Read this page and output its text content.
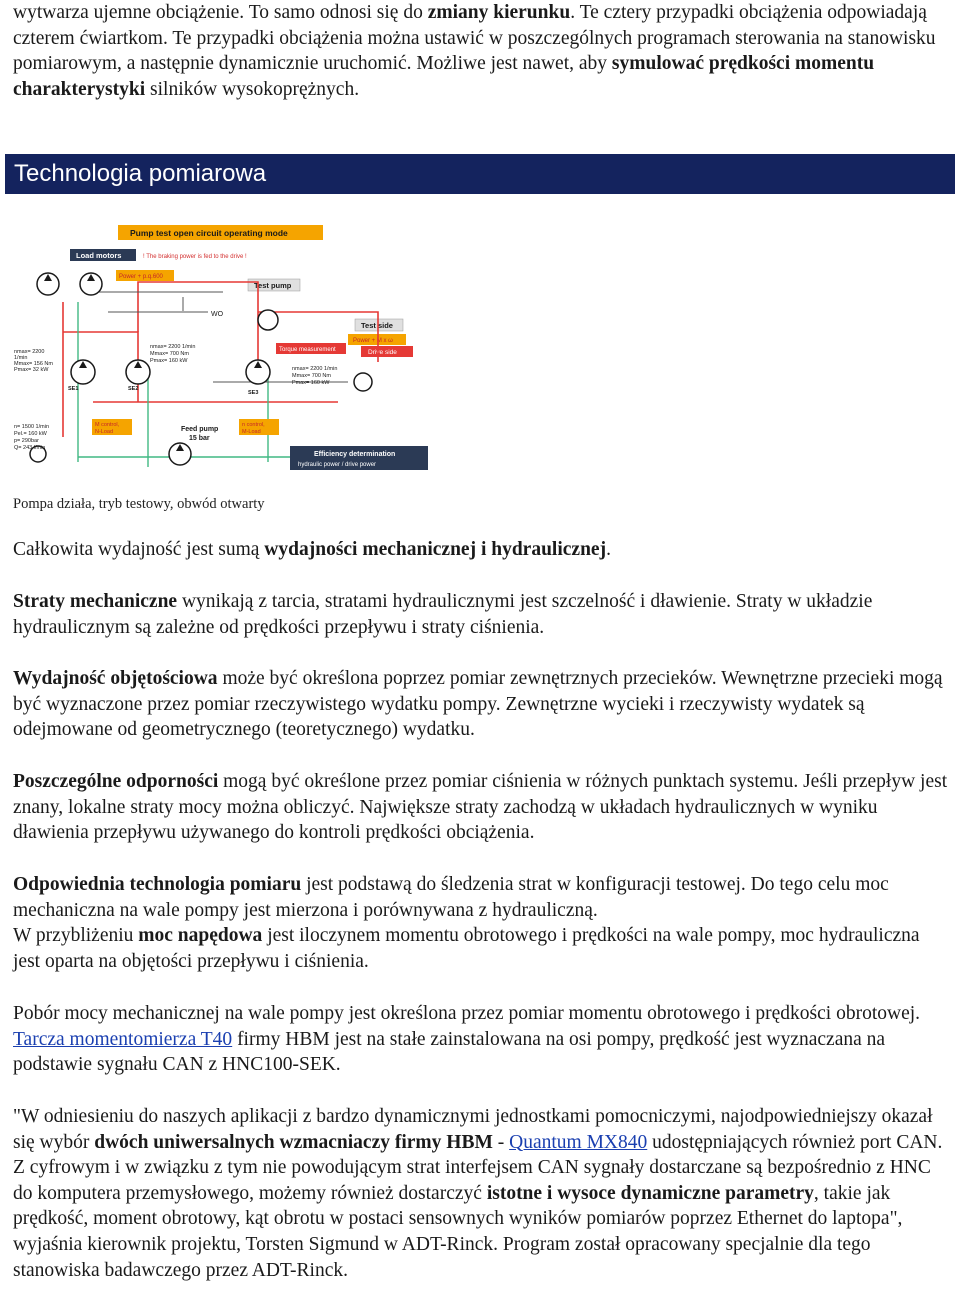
wytwarza ujemne obciążenie. To samo odnosi się do zmiany kierunku. Te cztery przypadki obciążenia odpowiadają czterem ćwiartkom. Te przypadki obciążenia można ustawić w poszczególnych programach sterowania na stanowisku pomiarowym, a następnie dynamicznie uruchomić. Możliwe jest nawet, aby symulować prędkości momentu charakterystyki silników wysokoprężnych.

Technologia pomiarowa
Pump test open circuit operating mode
Load motors	! The braking power is fed to the drive !
Power + p.q.600
Test pump
Test side
Torque measurement
Power + M x ω
Drive side
WO
nmax= 2200
1/min
Mmax= 156 Nm
Pmax= 32 kW
nmax= 2200 1/min
Mmax= 700 Nm
Pmax= 160 kW
nmax= 2200 1/min
Mmax= 700 Nm
Pmax= 160 kW
SE1	SE2
SE3
n= 1500 1/min
Pel.= 160 kW
p= 290bar
Q= 243 l/min
M control,
N-Load	Feed pump
15 bar
n control,
M-Load
Efficiency determination
hydraulic power / drive power
Pompa działa, tryb testowy, obwód otwarty

Całkowita wydajność jest sumą wydajności mechanicznej i hydraulicznej.

Straty mechaniczne wynikają z tarcia, stratami hydraulicznymi jest szczelność i dławienie. Straty w układzie hydraulicznym są zależne od prędkości przepływu i straty ciśnienia.

Wydajność objętościowa może być określona poprzez pomiar zewnętrznych przecieków. Wewnętrzne przecieki mogą być wyznaczone przez pomiar rzeczywistego wydatku pompy. Zewnętrzne wycieki i rzeczywisty wydatek są odejmowane od geometrycznego (teoretycznego) wydatku.

Poszczególne odporności mogą być określone przez pomiar ciśnienia w różnych punktach systemu. Jeśli przepływ jest znany, lokalne straty mocy można obliczyć. Największe straty zachodzą w układach hydraulicznych w wyniku dławienia przepływu używanego do kontroli prędkości obciążenia.

Odpowiednia technologia pomiaru jest podstawą do śledzenia strat w konfiguracji testowej. Do tego celu moc mechaniczna na wale pompy jest mierzona i porównywana z hydrauliczną.
W przybliżeniu moc napędowa jest iloczynem momentu obrotowego i prędkości na wale pompy, moc hydrauliczna jest oparta na objętości przepływu i ciśnienia.

Pobór mocy mechanicznej na wale pompy jest określona przez pomiar momentu obrotowego i prędkości obrotowej. Tarcza momentomierza T40 firmy HBM jest na stałe zainstalowana na osi pompy, prędkość jest wyznaczana na podstawie sygnału CAN z HNC100-SEK.

"W odniesieniu do naszych aplikacji z bardzo dynamicznymi jednostkami pomocniczymi, najodpowiedniejszy okazał się wybór dwóch uniwersalnych wzmacniaczy firmy HBM - Quantum MX840 udostępniających również port CAN. Z cyfrowym i w związku z tym nie powodującym strat interfejsem CAN sygnały dostarczane są bezpośrednio z HNC do komputera przemysłowego, możemy również dostarczyć istotne i wysoce dynamiczne parametry, takie jak prędkość, moment obrotowy, kąt obrotu w postaci sensownych wyników pomiarów poprzez Ethernet do laptopa", wyjaśnia kierownik projektu, Torsten Sigmund w ADT-Rinck. Program został opracowany specjalnie dla tego stanowiska badawczego przez ADT-Rinck.
